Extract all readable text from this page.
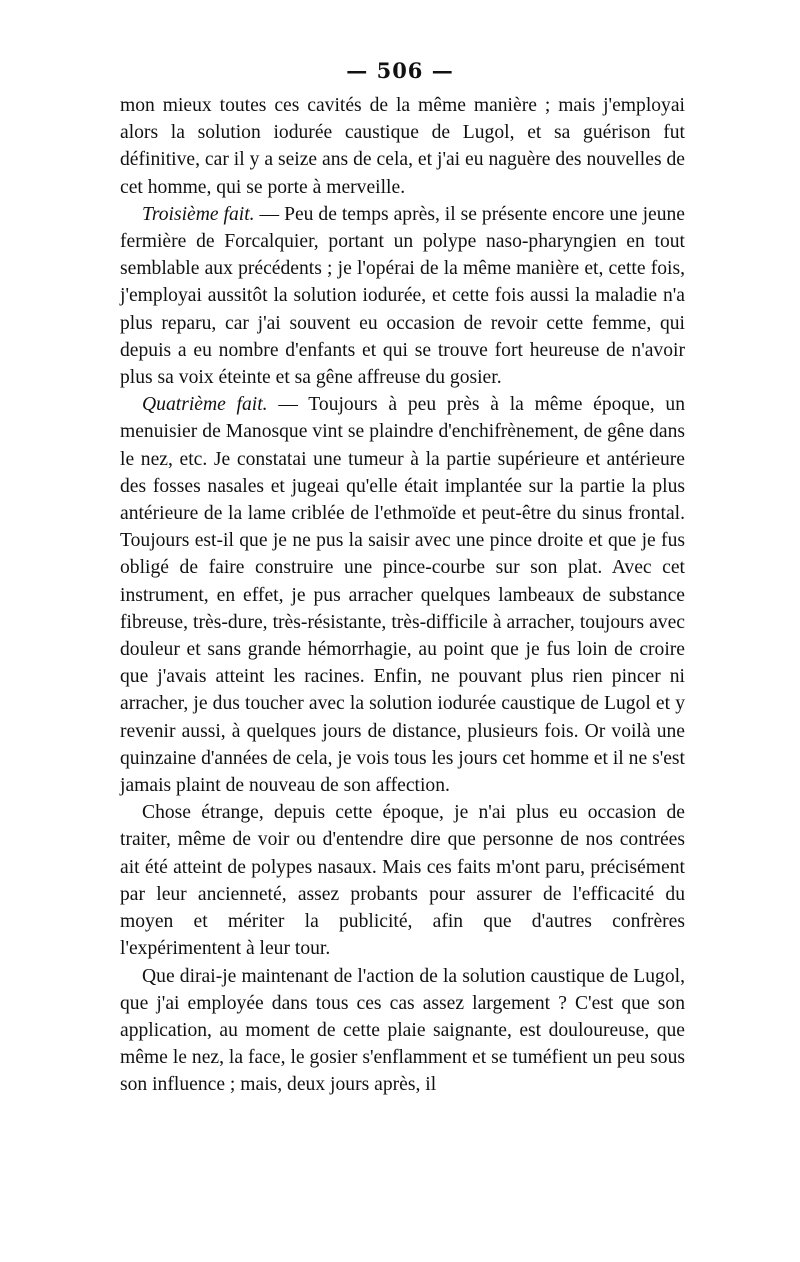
— 506 —

mon mieux toutes ces cavités de la même manière ; mais j'employai alors la solution iodurée caustique de Lugol, et sa guérison fut définitive, car il y a seize ans de cela, et j'ai eu naguère des nouvelles de cet homme, qui se porte à merveille.

Troisième fait. — Peu de temps après, il se présente encore une jeune fermière de Forcalquier, portant un polype naso-pharyngien en tout semblable aux précédents ; je l'opérai de la même manière et, cette fois, j'employai aussitôt la solution iodurée, et cette fois aussi la maladie n'a plus reparu, car j'ai souvent eu occasion de revoir cette femme, qui depuis a eu nombre d'enfants et qui se trouve fort heureuse de n'avoir plus sa voix éteinte et sa gêne affreuse du gosier.

Quatrième fait. — Toujours à peu près à la même époque, un menuisier de Manosque vint se plaindre d'enchifrènement, de gêne dans le nez, etc. Je constatai une tumeur à la partie supérieure et antérieure des fosses nasales et jugeai qu'elle était implantée sur la partie la plus antérieure de la lame criblée de l'ethmoïde et peut-être du sinus frontal. Toujours est-il que je ne pus la saisir avec une pince droite et que je fus obligé de faire construire une pince-courbe sur son plat. Avec cet instrument, en effet, je pus arracher quelques lambeaux de substance fibreuse, très-dure, très-résistante, très-difficile à arracher, toujours avec douleur et sans grande hémorrhagie, au point que je fus loin de croire que j'avais atteint les racines. Enfin, ne pouvant plus rien pincer ni arracher, je dus toucher avec la solution iodurée caustique de Lugol et y revenir aussi, à quelques jours de distance, plusieurs fois. Or voilà une quinzaine d'années de cela, je vois tous les jours cet homme et il ne s'est jamais plaint de nouveau de son affection.

Chose étrange, depuis cette époque, je n'ai plus eu occasion de traiter, même de voir ou d'entendre dire que personne de nos contrées ait été atteint de polypes nasaux. Mais ces faits m'ont paru, précisément par leur ancienneté, assez probants pour assurer de l'efficacité du moyen et mériter la publicité, afin que d'autres confrères l'expérimentent à leur tour.

Que dirai-je maintenant de l'action de la solution caustique de Lugol, que j'ai employée dans tous ces cas assez largement ? C'est que son application, au moment de cette plaie saignante, est douloureuse, que même le nez, la face, le gosier s'enflamment et se tuméfient un peu sous son influence ; mais, deux jours après, il
